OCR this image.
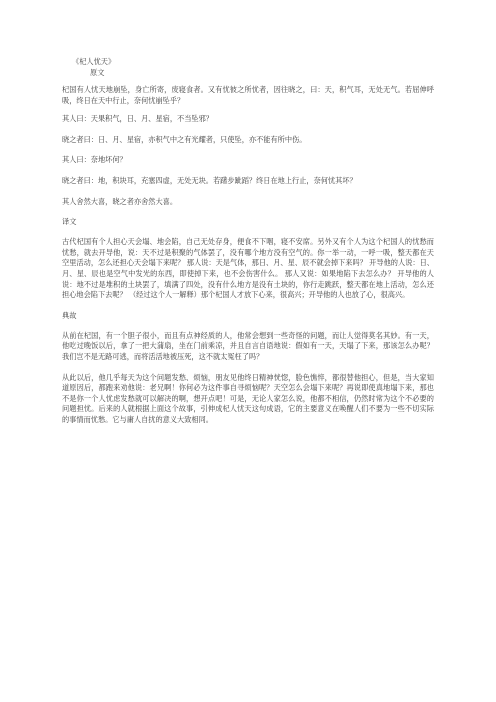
《杞人忧天》
原文

杞国有人忧天地崩坠，身亡所寄，废寝食者。又有忧彼之所忧者，因往晓之，曰：天，积气耳，无处无气。若屈伸呼吸，终日在天中行止，奈何忧崩坠乎？

其人曰：天果积气，日、月、星宿，不当坠邪？

晓之者曰：日、月、星宿，亦积气中之有光耀者，只使坠，亦不能有所中伤。

其人曰：奈地坏何？

晓之者曰：地，积块耳，充塞四虚，无处无块。若躇步跐蹈？终日在地上行止，奈何忧其坏？

其人舍然大喜，晓之者亦舍然大喜。

译文

古代杞国有个人担心天会塌、地会陷，自己无处存身，便食不下咽，寝不安席。另外又有个人为这个杞国人的忧愁而忧愁，就去开导他，说：天不过是积聚的气体罢了，没有哪个地方没有空气的。你一举一动，一呼一吸，整天都在天空里活动，怎么还担心天会塌下来呢？ 那人说：天是气体，那日、月、星、辰不就会掉下来吗？ 开导他的人说：日、月、星、辰也是空气中发光的东西，即使掉下来，也不会伤害什么。 那人又说：如果地陷下去怎么办？ 开导他的人说：地不过是堆积的土块罢了，填满了四处，没有什么地方是没有土块的，你行走跳跃，整天都在地上活动，怎么还担心地会陷下去呢？ （经过这个人一解释）那个杞国人才放下心来，很高兴；开导他的人也放了心，很高兴。

典故

从前在杞国，有一个胆子很小，而且有点神经质的人，他常会想到一些奇怪的问题，而让人觉得莫名其妙。有一天，他吃过晚饭以后，拿了一把大蒲扇，坐在门前乘凉，并且自言自语地说：假如有一天，天塌了下来，那该怎么办呢？我们岂不是无路可逃，而将活活地被压死，这不就太冤枉了吗？

从此以后，他几乎每天为这个问题发愁、烦恼，朋友见他终日精神恍惚，脸色憔悴，都很替他担心，但是，当大家知道原因后，都跑来劝他说：老兄啊！你何必为这件事自寻烦恼呢？天空怎么会塌下来呢？再说即使真地塌下来，那也不是你一个人忧虑发愁就可以解决的啊，想开点吧！可是，无论人家怎么说，他都不相信，仍然时常为这个不必要的问题担忧。后来的人就根据上面这个故事，引伸成杞人忧天这句成语，它的主要意义在唤醒人们不要为一些不切实际的事情而忧愁。它与庸人自扰的意义大致相同。
